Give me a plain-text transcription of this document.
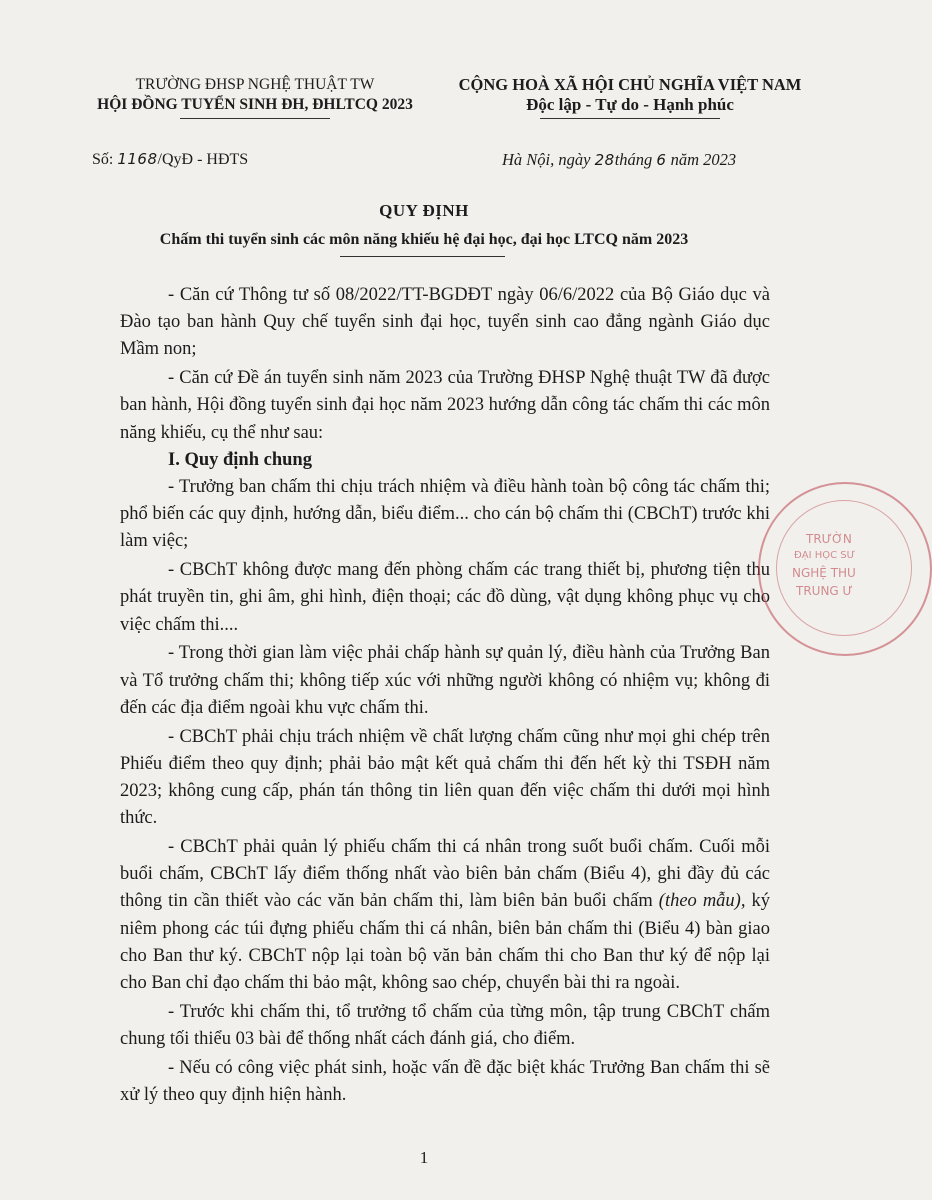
TRƯỜNG ĐHSP NGHỆ THUẬT TW
HỘI ĐỒNG TUYỂN SINH ĐH, ĐHLTCQ 2023
CỘNG HOÀ XÃ HỘI CHỦ NGHĨA VIỆT NAM
Độc lập - Tự do - Hạnh phúc
Số: 1168/QyĐ - HĐTS	Hà Nội, ngày 28tháng 6 năm 2023
QUY ĐỊNH
Chấm thi tuyển sinh các môn năng khiếu hệ đại học, đại học LTCQ năm 2023

- Căn cứ Thông tư số 08/2022/TT-BGDĐT ngày 06/6/2022 của Bộ Giáo dục và Đào tạo ban hành Quy chế tuyển sinh đại học, tuyển sinh cao đẳng ngành Giáo dục Mầm non;

- Căn cứ Đề án tuyển sinh năm 2023 của Trường ĐHSP Nghệ thuật TW đã được ban hành, Hội đồng tuyển sinh đại học năm 2023 hướng dẫn công tác chấm thi các môn năng khiếu, cụ thể như sau:

I. Quy định chung

- Trưởng ban chấm thi chịu trách nhiệm và điều hành toàn bộ công tác chấm thi; phổ biến các quy định, hướng dẫn, biểu điểm... cho cán bộ chấm thi (CBChT) trước khi làm việc;

- CBChT không được mang đến phòng chấm các trang thiết bị, phương tiện thu phát truyền tin, ghi âm, ghi hình, điện thoại; các đồ dùng, vật dụng không phục vụ cho việc chấm thi....

- Trong thời gian làm việc phải chấp hành sự quản lý, điều hành của Trưởng Ban và Tổ trưởng chấm thi; không tiếp xúc với những người không có nhiệm vụ; không đi đến các địa điểm ngoài khu vực chấm thi.

- CBChT phải chịu trách nhiệm về chất lượng chấm cũng như mọi ghi chép trên Phiếu điểm theo quy định; phải bảo mật kết quả chấm thi đến hết kỳ thi TSĐH năm 2023; không cung cấp, phán tán thông tin liên quan đến việc chấm thi dưới mọi hình thức.

- CBChT phải quản lý phiếu chấm thi cá nhân trong suốt buổi chấm. Cuối mỗi buổi chấm, CBChT lấy điểm thống nhất vào biên bản chấm (Biểu 4), ghi đầy đủ các thông tin cần thiết vào các văn bản chấm thi, làm biên bản buổi chấm (theo mẫu), ký niêm phong các túi đựng phiếu chấm thi cá nhân, biên bản chấm thi (Biểu 4) bàn giao cho Ban thư ký. CBChT nộp lại toàn bộ văn bản chấm thi cho Ban thư ký để nộp lại cho Ban chỉ đạo chấm thi bảo mật, không sao chép, chuyển bài thi ra ngoài.

- Trước khi chấm thi, tổ trưởng tổ chấm của từng môn, tập trung CBChT chấm chung tối thiểu 03 bài để thống nhất cách đánh giá, cho điểm.

- Nếu có công việc phát sinh, hoặc vấn đề đặc biệt khác Trưởng Ban chấm thi sẽ xử lý theo quy định hiện hành.

1
TRƯỜN
ĐẠI HỌC SƯ
NGHỆ THU
TRUNG Ư
